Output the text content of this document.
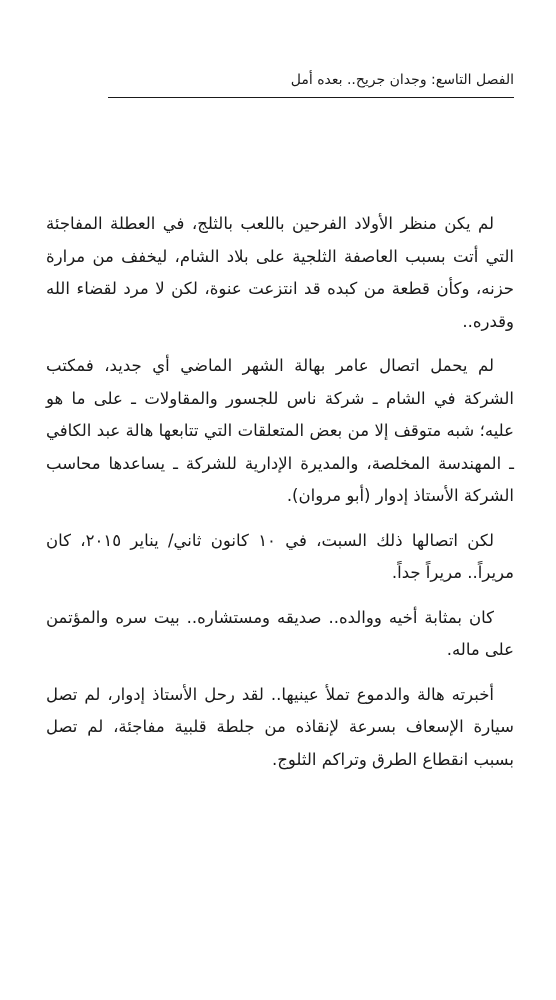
الفصل التاسع: وجدان جريح.. بعده أمل

لم يكن منظر الأولاد الفرحين باللعب بالثلج، في العطلة المفاجئة التي أتت بسبب العاصفة الثلجية على بلاد الشام، ليخفف من مرارة حزنه، وكأن قطعة من كبده قد انتزعت عنوة، لكن لا مرد لقضاء الله وقدره..

لم يحمل اتصال عامر بهالة الشهر الماضي أي جديد، فمكتب الشركة في الشام ـ شركة ناس للجسور والمقاولات ـ على ما هو عليه؛ شبه متوقف إلا من بعض المتعلقات التي تتابعها هالة عبد الكافي ـ المهندسة المخلصة، والمديرة الإدارية للشركة ـ يساعدها محاسب الشركة الأستاذ إدوار (أبو مروان).

لكن اتصالها ذلك السبت، في ١٠ كانون ثاني/ يناير ٢٠١٥، كان مريراً.. مريراً جداً.

كان بمثابة أخيه ووالده.. صديقه ومستشاره.. بيت سره والمؤتمن على ماله.

أخبرته هالة والدموع تملأ عينيها.. لقد رحل الأستاذ إدوار، لم تصل سيارة الإسعاف بسرعة لإنقاذه من جلطة قلبية مفاجئة، لم تصل بسبب انقطاع الطرق وتراكم الثلوج.
